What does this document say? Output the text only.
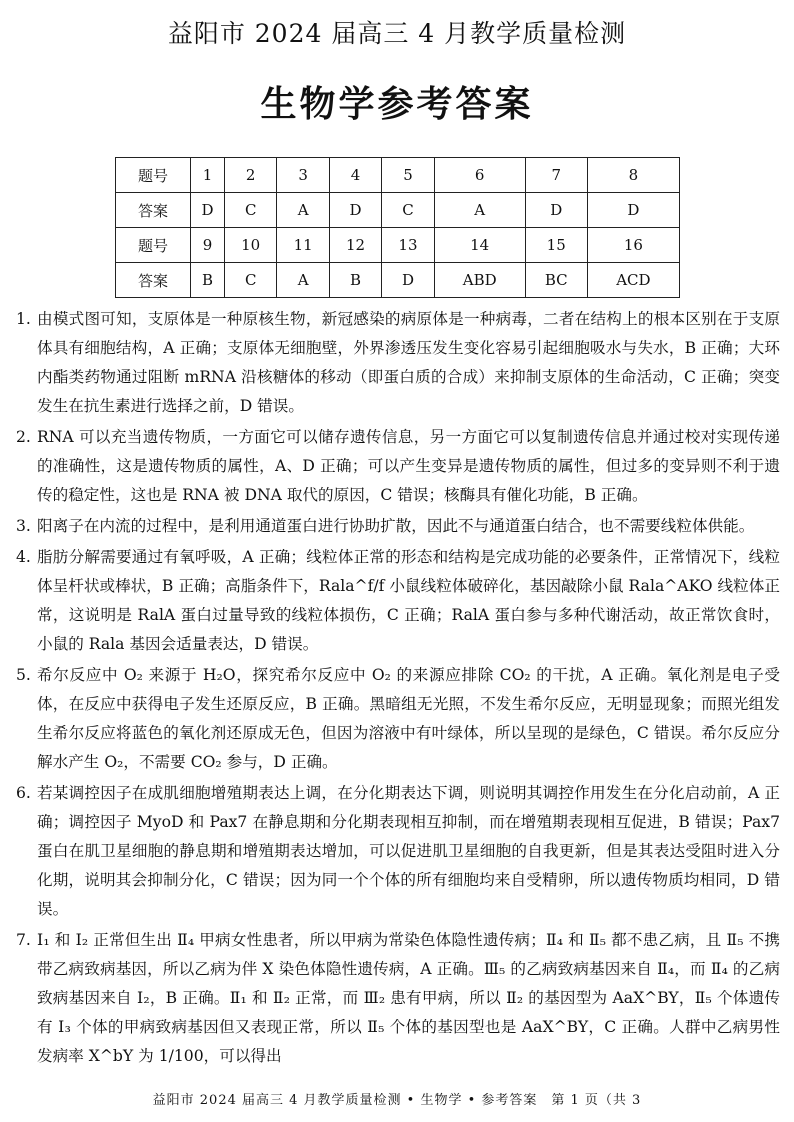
益阳市 2024 届高三 4 月教学质量检测
生物学参考答案
题号	1	2	3	4	5	6	7	8
答案	D	C	A	D	C	A	D	D
题号	9	10	11	12	13	14	15	16
答案	B	C	A	B	D	ABD	BC	ACD
1. 由模式图可知，支原体是一种原核生物，新冠感染的病原体是一种病毒，二者在结构上的根本区别在于支原体具有细胞结构，A 正确；支原体无细胞壁，外界渗透压发生变化容易引起细胞吸水与失水，B 正确；大环内酯类药物通过阻断 mRNA 沿核糖体的移动（即蛋白质的合成）来抑制支原体的生命活动，C 正确；突变发生在抗生素进行选择之前，D 错误。
2. RNA 可以充当遗传物质，一方面它可以储存遗传信息，另一方面它可以复制遗传信息并通过校对实现传递的准确性，这是遗传物质的属性，A、D 正确；可以产生变异是遗传物质的属性，但过多的变异则不利于遗传的稳定性，这也是 RNA 被 DNA 取代的原因，C 错误；核酶具有催化功能，B 正确。
3. 阳离子在内流的过程中，是利用通道蛋白进行协助扩散，因此不与通道蛋白结合，也不需要线粒体供能。
4. 脂肪分解需要通过有氧呼吸，A 正确；线粒体正常的形态和结构是完成功能的必要条件，正常情况下，线粒体呈杆状或棒状，B 正确；高脂条件下，Rala^f/f 小鼠线粒体破碎化，基因敲除小鼠 Rala^AKO 线粒体正常，这说明是 RalA 蛋白过量导致的线粒体损伤，C 正确；RalA 蛋白参与多种代谢活动，故正常饮食时，小鼠的 Rala 基因会适量表达，D 错误。
5. 希尔反应中 O₂ 来源于 H₂O，探究希尔反应中 O₂ 的来源应排除 CO₂ 的干扰，A 正确。氧化剂是电子受体，在反应中获得电子发生还原反应，B 正确。黑暗组无光照，不发生希尔反应，无明显现象；而照光组发生希尔反应将蓝色的氧化剂还原成无色，但因为溶液中有叶绿体，所以呈现的是绿色，C 错误。希尔反应分解水产生 O₂，不需要 CO₂ 参与，D 正确。
6. 若某调控因子在成肌细胞增殖期表达上调，在分化期表达下调，则说明其调控作用发生在分化启动前，A 正确；调控因子 MyoD 和 Pax7 在静息期和分化期表现相互抑制，而在增殖期表现相互促进，B 错误；Pax7 蛋白在肌卫星细胞的静息期和增殖期表达增加，可以促进肌卫星细胞的自我更新，但是其表达受阻时进入分化期，说明其会抑制分化，C 错误；因为同一个个体的所有细胞均来自受精卵，所以遗传物质均相同，D 错误。
7. Ⅰ₁ 和 Ⅰ₂ 正常但生出 Ⅱ₄ 甲病女性患者，所以甲病为常染色体隐性遗传病；Ⅱ₄ 和 Ⅱ₅ 都不患乙病，且 Ⅱ₅ 不携带乙病致病基因，所以乙病为伴 X 染色体隐性遗传病，A 正确。Ⅲ₅ 的乙病致病基因来自 Ⅱ₄，而 Ⅱ₄ 的乙病致病基因来自 Ⅰ₂，B 正确。Ⅱ₁ 和 Ⅱ₂ 正常，而 Ⅲ₂ 患有甲病，所以 Ⅱ₂ 的基因型为 AaX^BY，Ⅱ₅ 个体遗传有 Ⅰ₃ 个体的甲病致病基因但又表现正常，所以 Ⅱ₅ 个体的基因型也是 AaX^BY，C 正确。人群中乙病男性发病率 X^bY 为 1/100，可以得出
益阳市 2024 届高三 4 月教学质量检测 • 生物学 • 参考答案　第 1 页（共 3
